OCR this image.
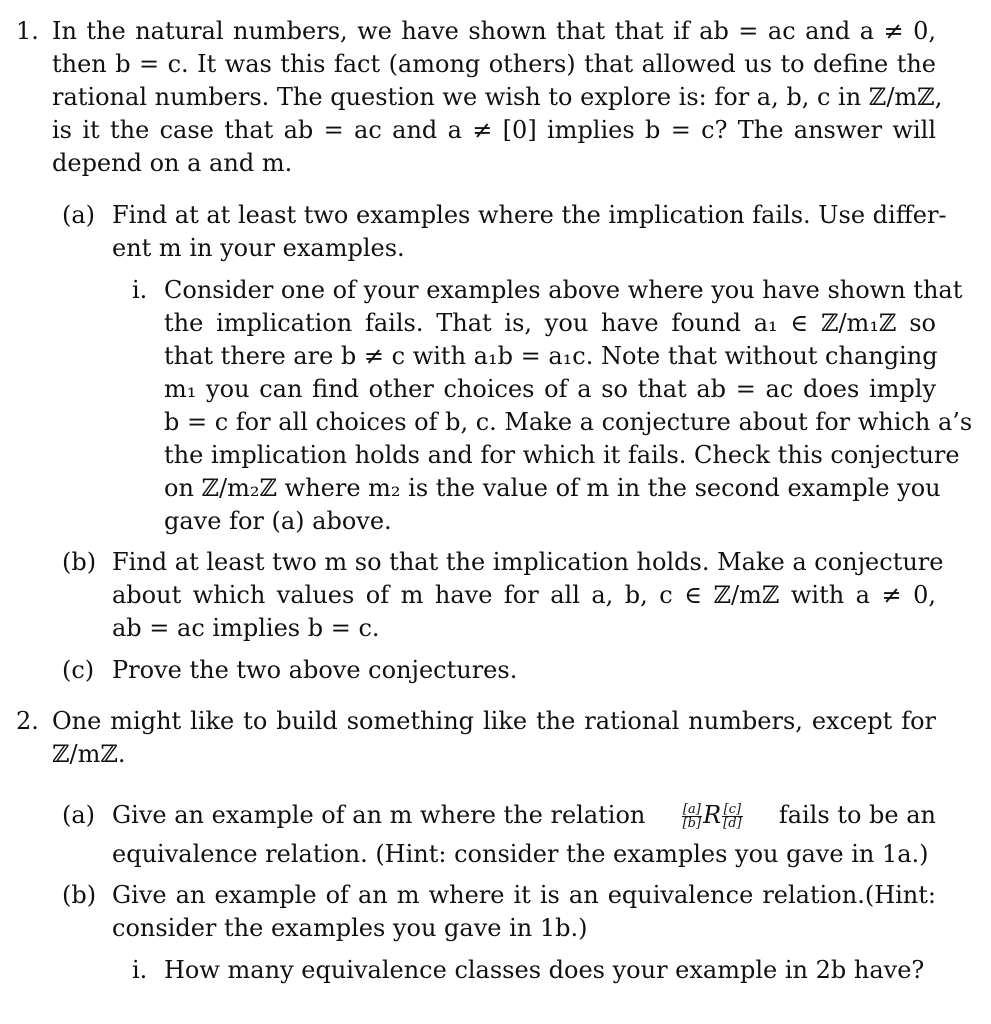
1. In the natural numbers, we have shown that that if ab = ac and a ≠ 0,
then b = c. It was this fact (among others) that allowed us to define the
rational numbers. The question we wish to explore is: for a, b, c in ℤ/mℤ,
is it the case that ab = ac and a ≠ [0] implies b = c? The answer will
depend on a and m.
(a) Find at at least two examples where the implication fails. Use differ-
ent m in your examples.
i. Consider one of your examples above where you have shown that
the implication fails. That is, you have found a₁ ∈ ℤ/m₁ℤ so
that there are b ≠ c with a₁b = a₁c. Note that without changing
m₁ you can find other choices of a so that ab = ac does imply
b = c for all choices of b, c. Make a conjecture about for which a’s
the implication holds and for which it fails. Check this conjecture
on ℤ/m₂ℤ where m₂ is the value of m in the second example you
gave for (a) above.
(b) Find at least two m so that the implication holds. Make a conjecture
about which values of m have for all a, b, c ∈ ℤ/mℤ with a ≠ 0,
ab = ac implies b = c.
(c) Prove the two above conjectures.
2. One might like to build something like the rational numbers, except for
ℤ/mℤ.
(a) Give an example of an m where the relation	$\frac{[a]}{[b]}$ R $\frac{[c]}{[d]}$ fails to be an
equivalence relation. (Hint: consider the examples you gave in 1a.)
(b) Give an example of an m where it is an equivalence relation.(Hint:
consider the examples you gave in 1b.)
i. How many equivalence classes does your example in 2b have?
